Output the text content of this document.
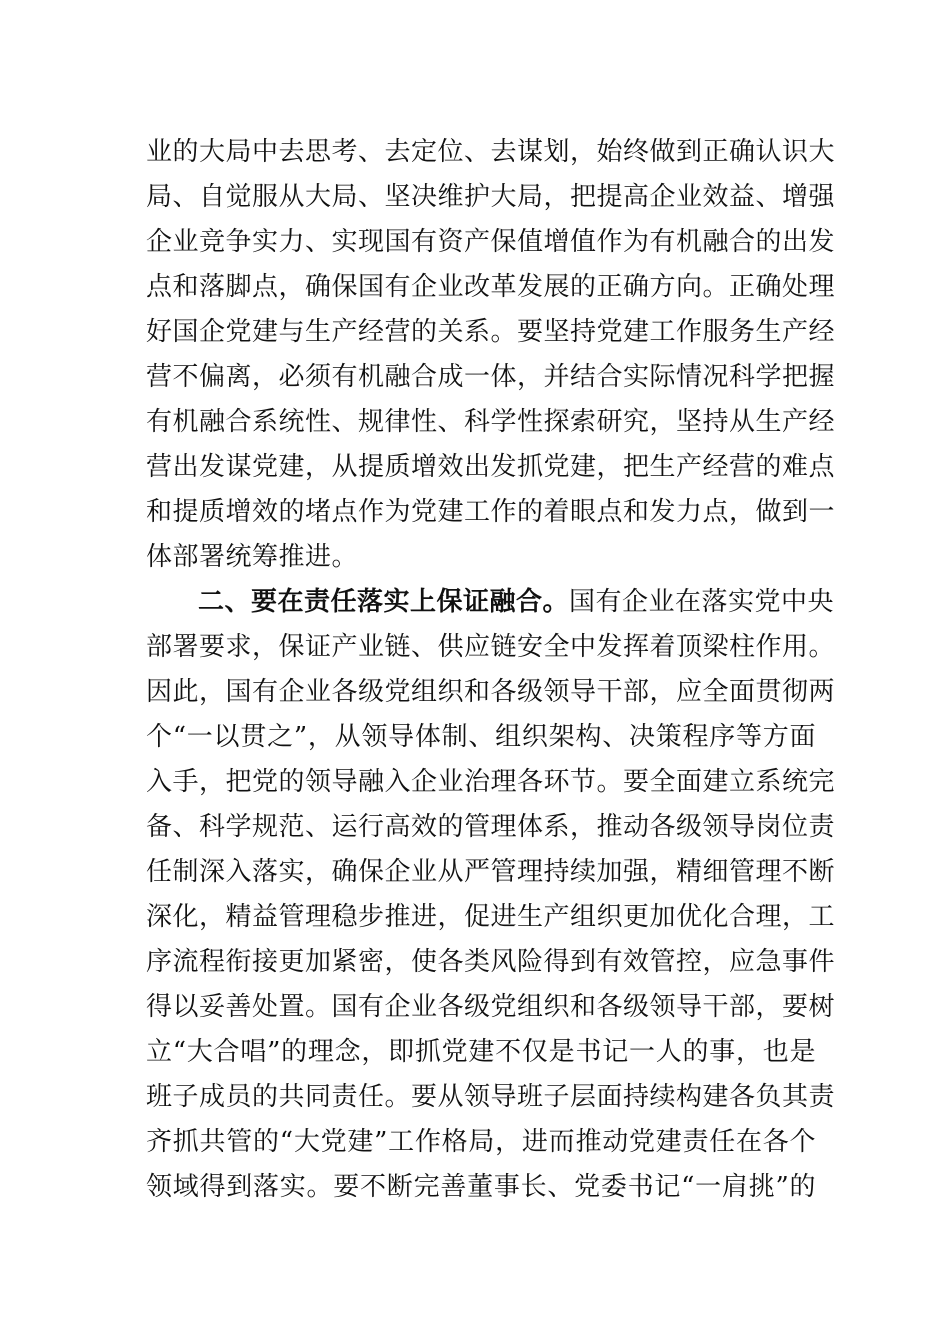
业的大局中去思考、去定位、去谋划，始终做到正确认识大
局、自觉服从大局、坚决维护大局，把提高企业效益、增强
企业竞争实力、实现国有资产保值增值作为有机融合的出发
点和落脚点，确保国有企业改革发展的正确方向。正确处理
好国企党建与生产经营的关系。要坚持党建工作服务生产经
营不偏离，必须有机融合成一体，并结合实际情况科学把握
有机融合系统性、规律性、科学性探索研究，坚持从生产经
营出发谋党建，从提质增效出发抓党建，把生产经营的难点
和提质增效的堵点作为党建工作的着眼点和发力点，做到一
体部署统筹推进。
二、要在责任落实上保证融合。国有企业在落实党中央
部署要求，保证产业链、供应链安全中发挥着顶梁柱作用。
因此，国有企业各级党组织和各级领导干部，应全面贯彻两
个“一以贯之”，从领导体制、组织架构、决策程序等方面
入手，把党的领导融入企业治理各环节。要全面建立系统完
备、科学规范、运行高效的管理体系，推动各级领导岗位责
任制深入落实，确保企业从严管理持续加强，精细管理不断
深化，精益管理稳步推进，促进生产组织更加优化合理，工
序流程衔接更加紧密，使各类风险得到有效管控，应急事件
得以妥善处置。国有企业各级党组织和各级领导干部，要树
立“大合唱”的理念，即抓党建不仅是书记一人的事，也是
班子成员的共同责任。要从领导班子层面持续构建各负其责
齐抓共管的“大党建”工作格局，进而推动党建责任在各个
领域得到落实。要不断完善董事长、党委书记“一肩挑”的
